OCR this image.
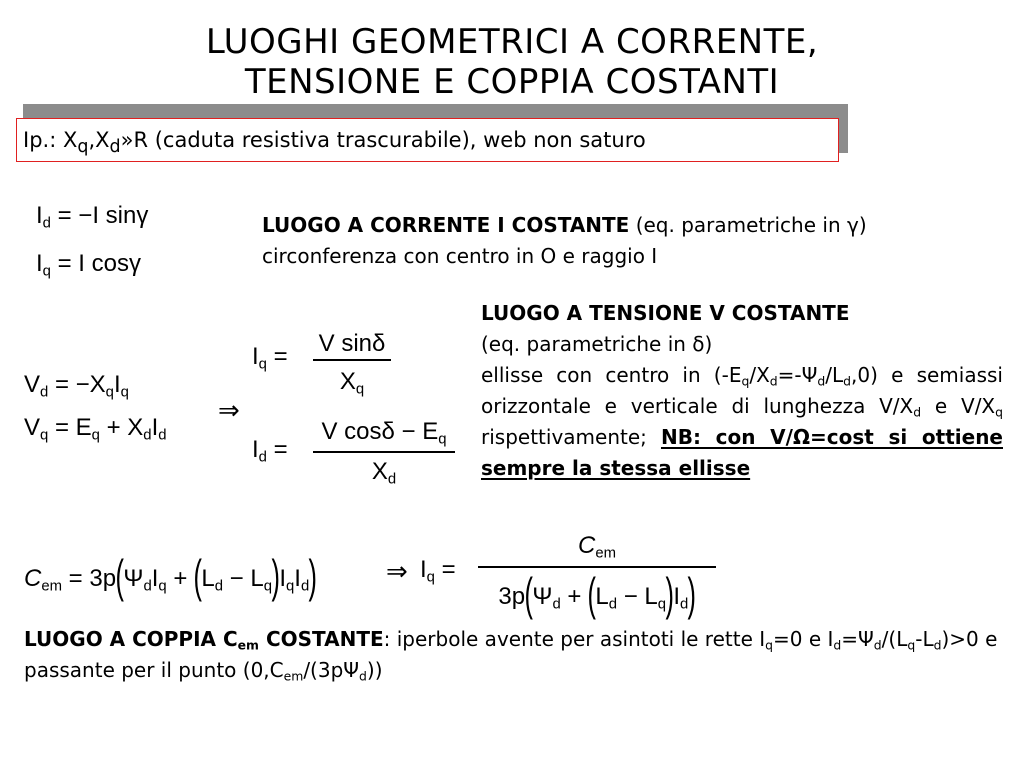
LUOGHI GEOMETRICI A CORRENTE,
TENSIONE E COPPIA COSTANTI
Ip.: $X_q,X_d»R$ (caduta resistiva trascurabile), web non saturo
$I_d = -I$ sinγ
$I_q = I$ cosγ
LUOGO A CORRENTE I COSTANTE (eq. parametriche in γ)
circonferenza con centro in O e raggio I
$V_d = -X_qI_q$
$V_q = E_q + X_dI_d$
⇒
$I_q = V$ sinδ
$X_q$
$I_d$ =
V $\cos\delta - E_q$
$X_d$
LUOGO A TENSIONE V COSTANTE
(eq. parametriche in δ)
ellisse con centro in $(-E_q/X_d=-\Psi_d/L_d,0)$ e semiassi orizzontale e verticale di lunghezza $V/X_d$ e $V/X_q$ rispettivamente; NB: con V/Ω=cost si ottiene sempre la stessa ellisse
$C_{em} = 3p(\Psi_dI_q + (L_d - L_q)I_qI_d)$	⇒ $I_q$ =
$C_{em}$
$3p(\Psi_d + (L_d - L_q)I_d)$
LUOGO A COPPIA $C_{em}$ COSTANTE: iperbole avente per asintoti le rette $I_q=0$ e $I_d=\Psi_d/(L_q-L_d)>0$ e passante per il punto $(0,C_{em}/(3p\Psi_d))$
